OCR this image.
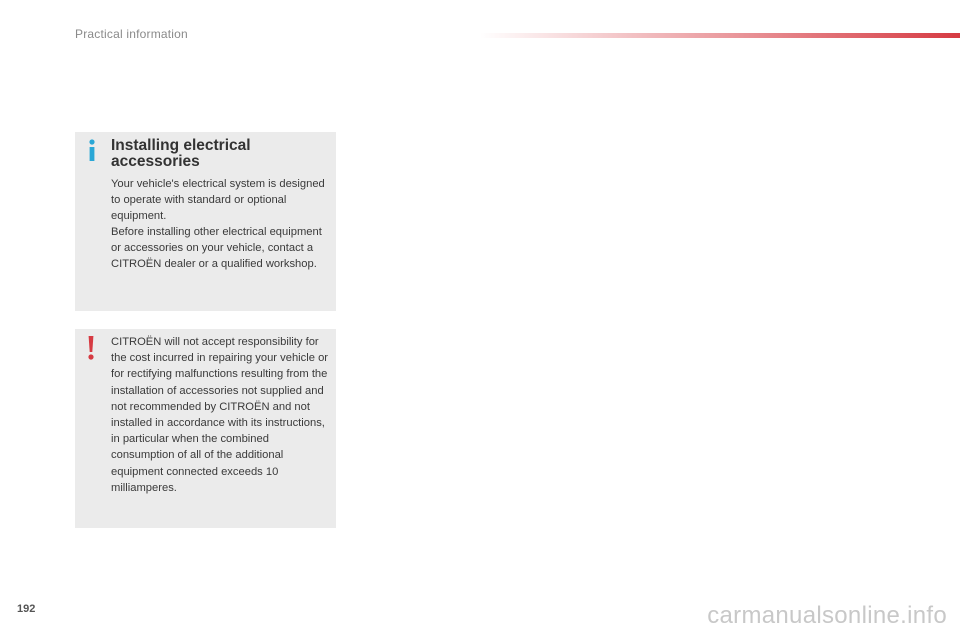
Practical information
Installing electrical
accessories

Your vehicle's electrical system is designed to operate with standard or optional equipment.

Before installing other electrical equipment or accessories on your vehicle, contact a CITROËN dealer or a qualified workshop.

CITROËN will not accept responsibility for the cost incurred in repairing your vehicle or for rectifying malfunctions resulting from the installation of accessories not supplied and not recommended by CITROËN and not installed in accordance with its instructions, in particular when the combined consumption of all of the additional equipment connected exceeds 10 milliamperes.

192	carmanualsonline.info
